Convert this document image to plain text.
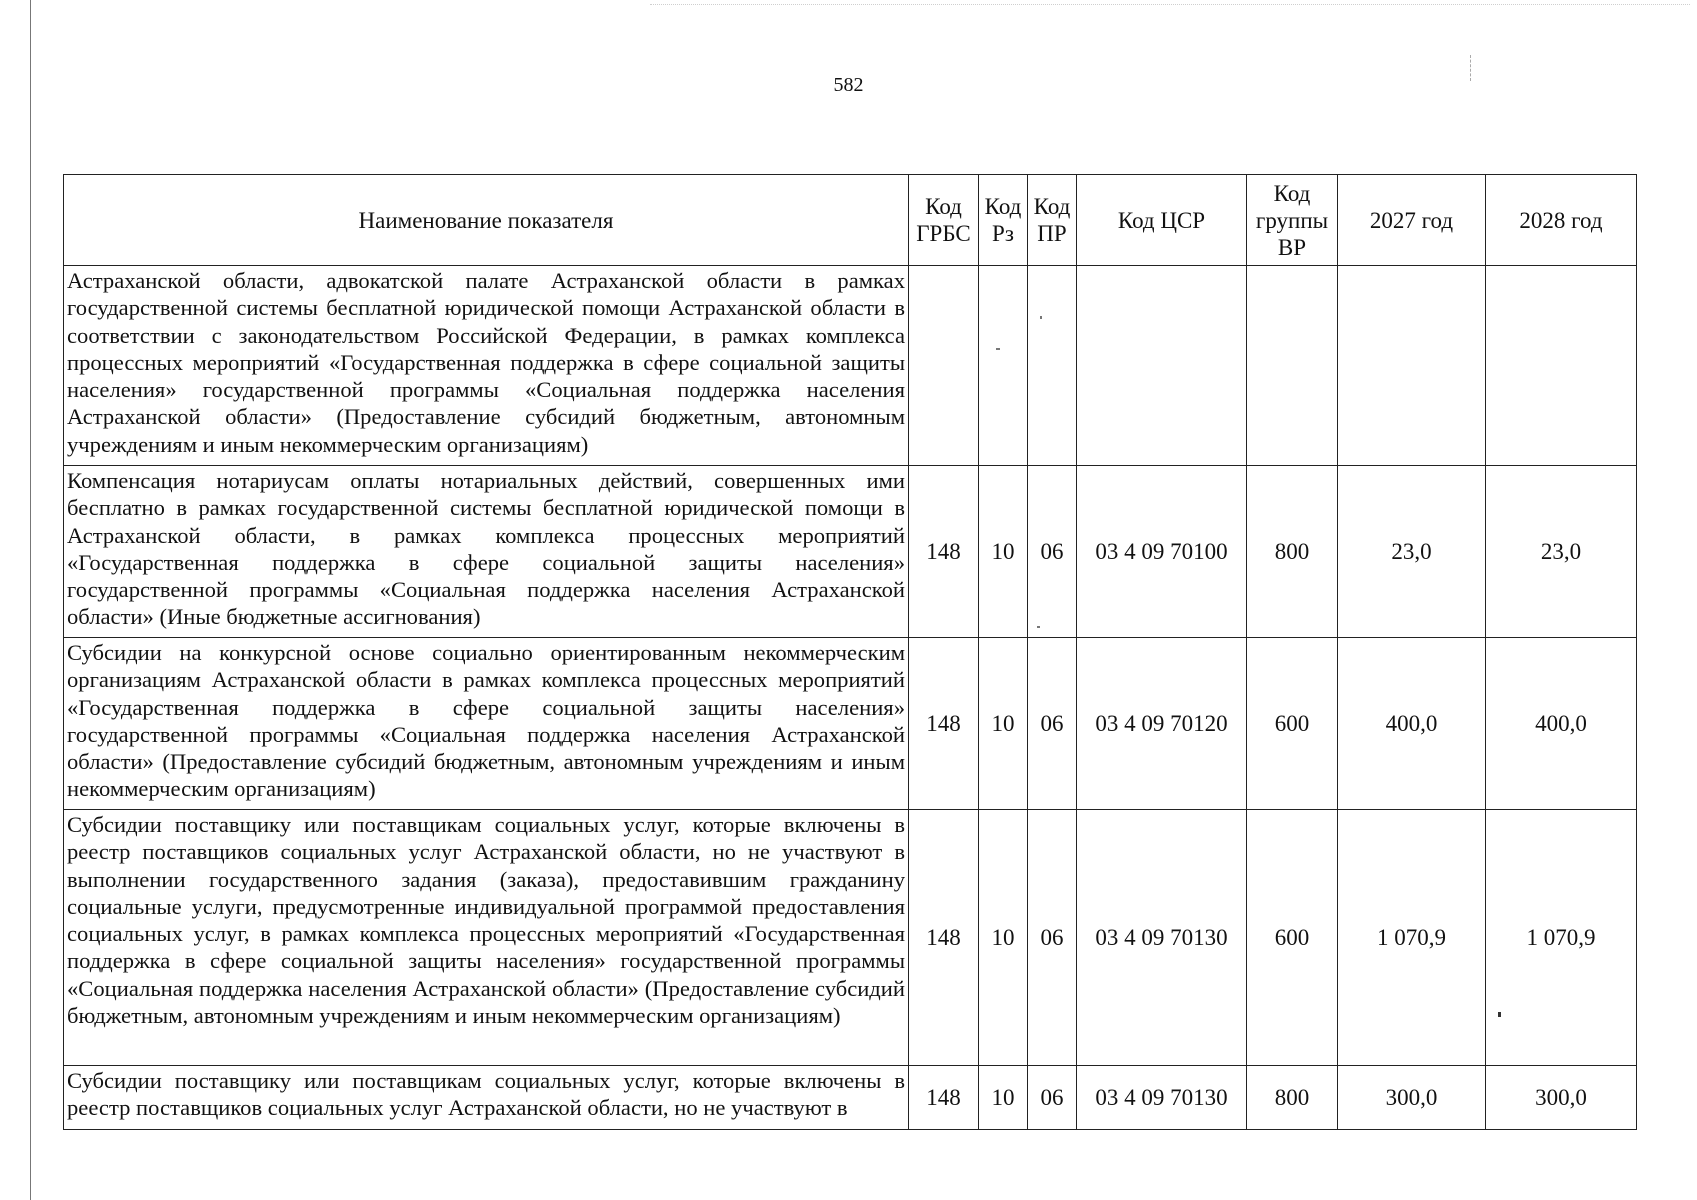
582
Наименование показателя	Код ГРБС	Код Рз	Код ПР	Код ЦСР	Код группы ВР	2027 год	2028 год
Астраханской области, адвокатской палате Астраханской области в рамках государственной системы бесплатной юридической помощи Астраханской области в соответствии с законодательством Российской Федерации, в рамках комплекса процессных мероприятий «Государственная поддержка в сфере социальной защиты населения» государственной программы «Социальная поддержка населения Астраханской области» (Предоставление субсидий бюджетным, автономным учреждениям и иным некоммерческим организациям)							
Компенсация нотариусам оплаты нотариальных действий, совершенных ими бесплатно в рамках государственной системы бесплатной юридической помощи в Астраханской области, в рамках комплекса процессных мероприятий «Государственная поддержка в сфере социальной защиты населения» государственной программы «Социальная поддержка населения Астраханской области» (Иные бюджетные ассигнования)	148	10	06	03 4 09 70100	800	23,0	23,0
Субсидии на конкурсной основе социально ориентированным некоммерческим организациям Астраханской области в рамках комплекса процессных мероприятий «Государственная поддержка в сфере социальной защиты населения» государственной программы «Социальная поддержка населения Астраханской области» (Предоставление субсидий бюджетным, автономным учреждениям и иным некоммерческим организациям)	148	10	06	03 4 09 70120	600	400,0	400,0
Субсидии поставщику или поставщикам социальных услуг, которые включены в реестр поставщиков социальных услуг Астраханской области, но не участвуют в выполнении государственного задания (заказа), предоставившим гражданину социальные услуги, предусмотренные индивидуальной программой предоставления социальных услуг, в рамках комплекса процессных мероприятий «Государственная поддержка в сфере социальной защиты населения» государственной программы «Социальная поддержка населения Астраханской области» (Предоставление субсидий бюджетным, автономным учреждениям и иным некоммерческим организациям)	148	10	06	03 4 09 70130	600	1 070,9	1 070,9
Субсидии поставщику или поставщикам социальных услуг, которые включены в реестр поставщиков социальных услуг Астраханской области, но не участвуют в	148	10	06	03 4 09 70130	800	300,0	300,0
